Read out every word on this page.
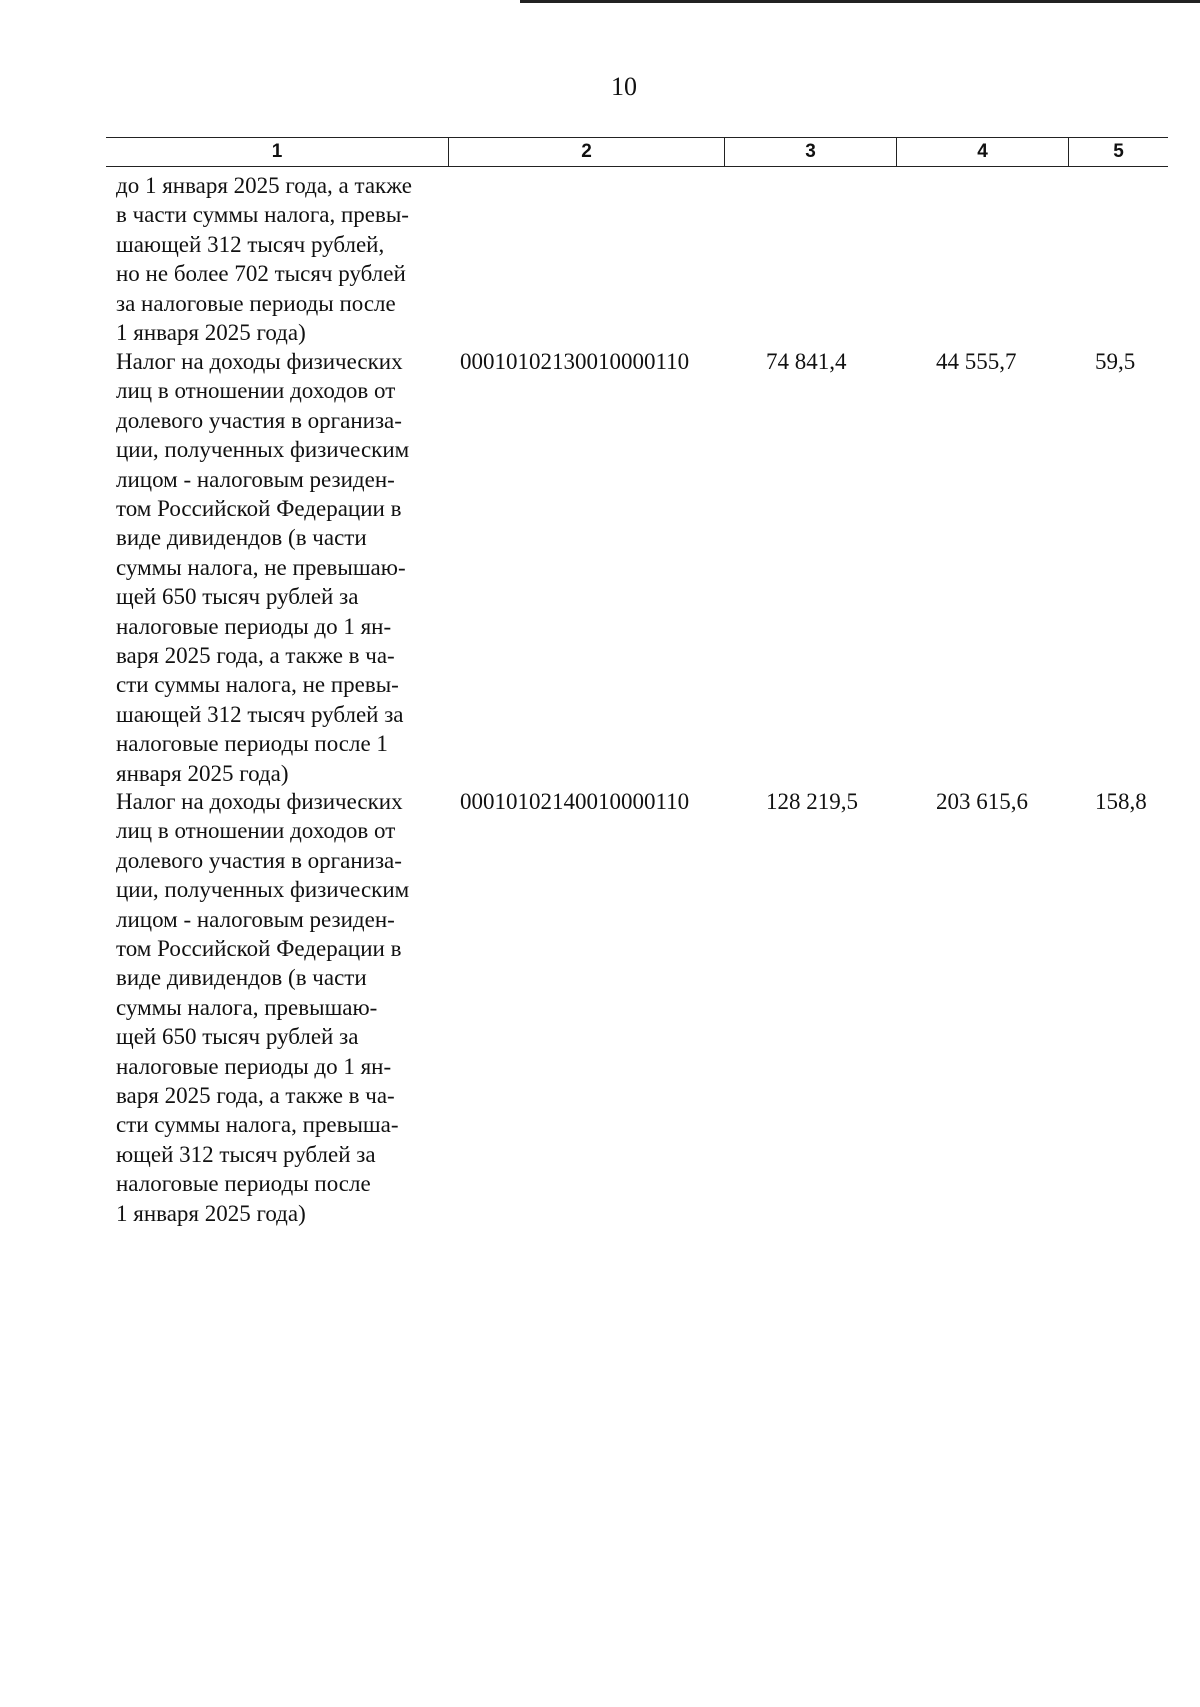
10
1	2	3	4	5
до 1 января 2025 года, а также
в части суммы налога, превы-
шающей 312 тысяч рублей,
но не более 702 тысяч рублей
за налоговые периоды после
1 января 2025 года)
Налог на доходы физических
лиц в отношении доходов от
долевого участия в организа-
ции, полученных физическим
лицом - налоговым резиден-
том Российской Федерации в
виде дивидендов (в части
суммы налога, не превышаю-
щей 650 тысяч рублей за
налоговые периоды до 1 ян-
варя 2025 года, а также в ча-
сти суммы налога, не превы-
шающей 312 тысяч рублей за
налоговые периоды после 1
января 2025 года)
00010102130010000110	74 841,4	44 555,7	59,5
Налог на доходы физических
лиц в отношении доходов от
долевого участия в организа-
ции, полученных физическим
лицом - налоговым резиден-
том Российской Федерации в
виде дивидендов (в части
суммы налога, превышаю-
щей 650 тысяч рублей за
налоговые периоды до 1 ян-
варя 2025 года, а также в ча-
сти суммы налога, превыша-
ющей 312 тысяч рублей за
налоговые периоды после
1 января 2025 года)
00010102140010000110	128 219,5	203 615,6	158,8
